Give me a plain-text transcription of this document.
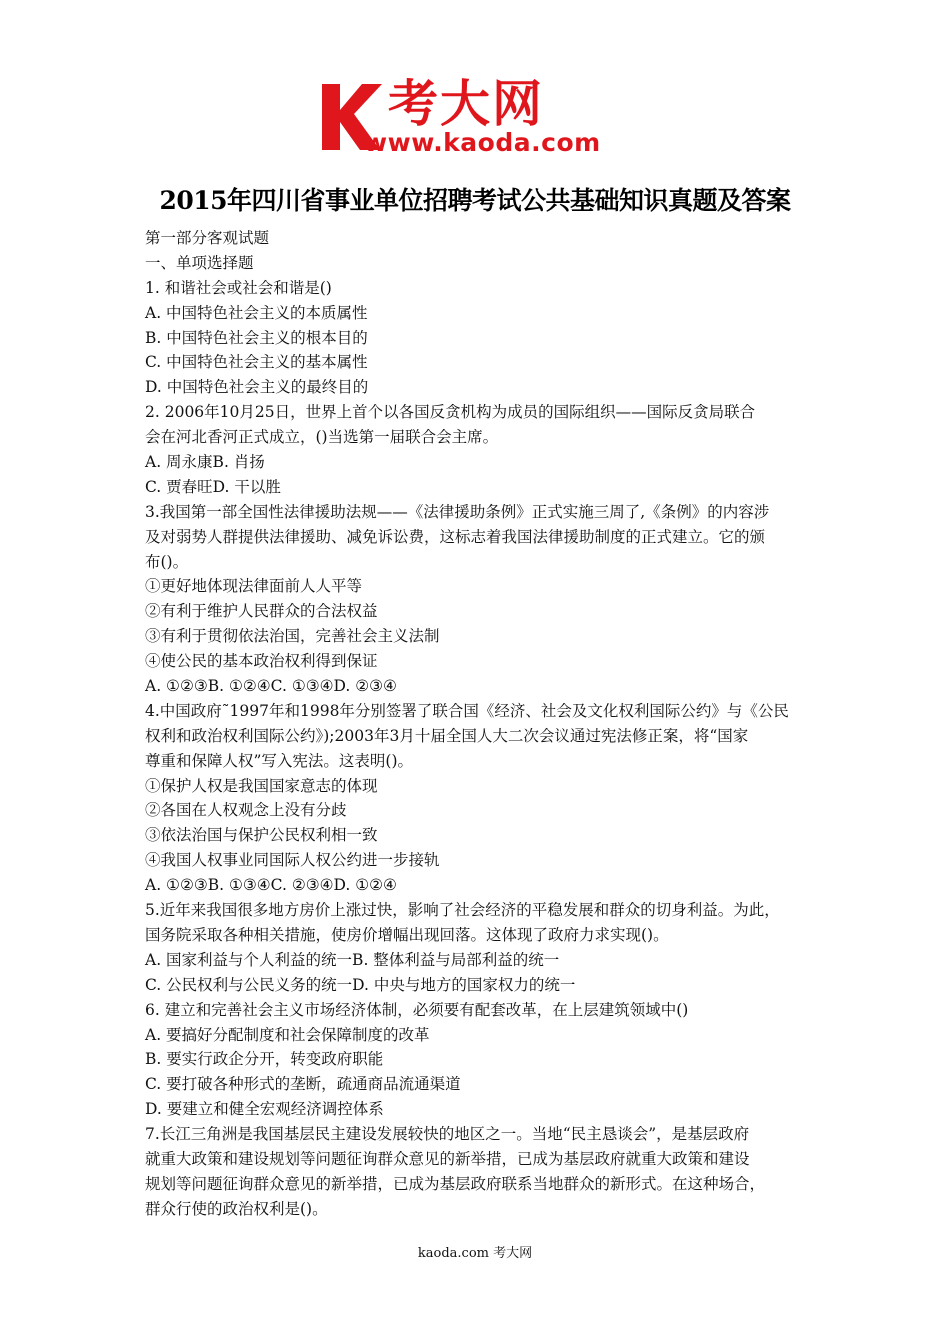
考大网
www.kaoda.com
2015年四川省事业单位招聘考试公共基础知识真题及答案
第一部分客观试题
一、单项选择题
1. 和谐社会或社会和谐是()
A. 中国特色社会主义的本质属性
B. 中国特色社会主义的根本目的
C. 中国特色社会主义的基本属性
D. 中国特色社会主义的最终目的
2. 2006年10月25日，世界上首个以各国反贪机构为成员的国际组织——国际反贪局联合
会在河北香河正式成立，()当选第一届联合会主席。
A. 周永康B. 肖扬
C. 贾春旺D. 干以胜
3.我国第一部全国性法律援助法规——《法律援助条例》正式实施三周了,《条例》的内容涉
及对弱势人群提供法律援助、减免诉讼费，这标志着我国法律援助制度的正式建立。它的颁
布()。
①更好地体现法律面前人人平等
②有利于维护人民群众的合法权益
③有利于贯彻依法治国，完善社会主义法制
④使公民的基本政治权利得到保证
A. ①②③B. ①②④C. ①③④D. ②③④
4.中国政府˜1997年和1998年分别签署了联合国《经济、社会及文化权利国际公约》与《公民
权利和政治权利国际公约》);2003年3月十届全国人大二次会议通过宪法修正案，将“国家
尊重和保障人权”写入宪法。这表明()。
①保护人权是我国国家意志的体现
②各国在人权观念上没有分歧
③依法治国与保护公民权利相一致
④我国人权事业同国际人权公约进一步接轨
A. ①②③B. ①③④C. ②③④D. ①②④
5.近年来我国很多地方房价上涨过快，影响了社会经济的平稳发展和群众的切身利益。为此，
国务院采取各种相关措施，使房价增幅出现回落。这体现了政府力求实现()。
A. 国家利益与个人利益的统一B. 整体利益与局部利益的统一
C. 公民权利与公民义务的统一D. 中央与地方的国家权力的统一
6. 建立和完善社会主义市场经济体制，必须要有配套改革，在上层建筑领域中()
A. 要搞好分配制度和社会保障制度的改革
B. 要实行政企分开，转变政府职能
C. 要打破各种形式的垄断，疏通商品流通渠道
D. 要建立和健全宏观经济调控体系
7.长江三角洲是我国基层民主建设发展较快的地区之一。当地“民主恳谈会”，是基层政府
就重大政策和建设规划等问题征询群众意见的新举措，已成为基层政府就重大政策和建设
规划等问题征询群众意见的新举措，已成为基层政府联系当地群众的新形式。在这种场合，
群众行使的政治权利是()。
kaoda.com 考大网
